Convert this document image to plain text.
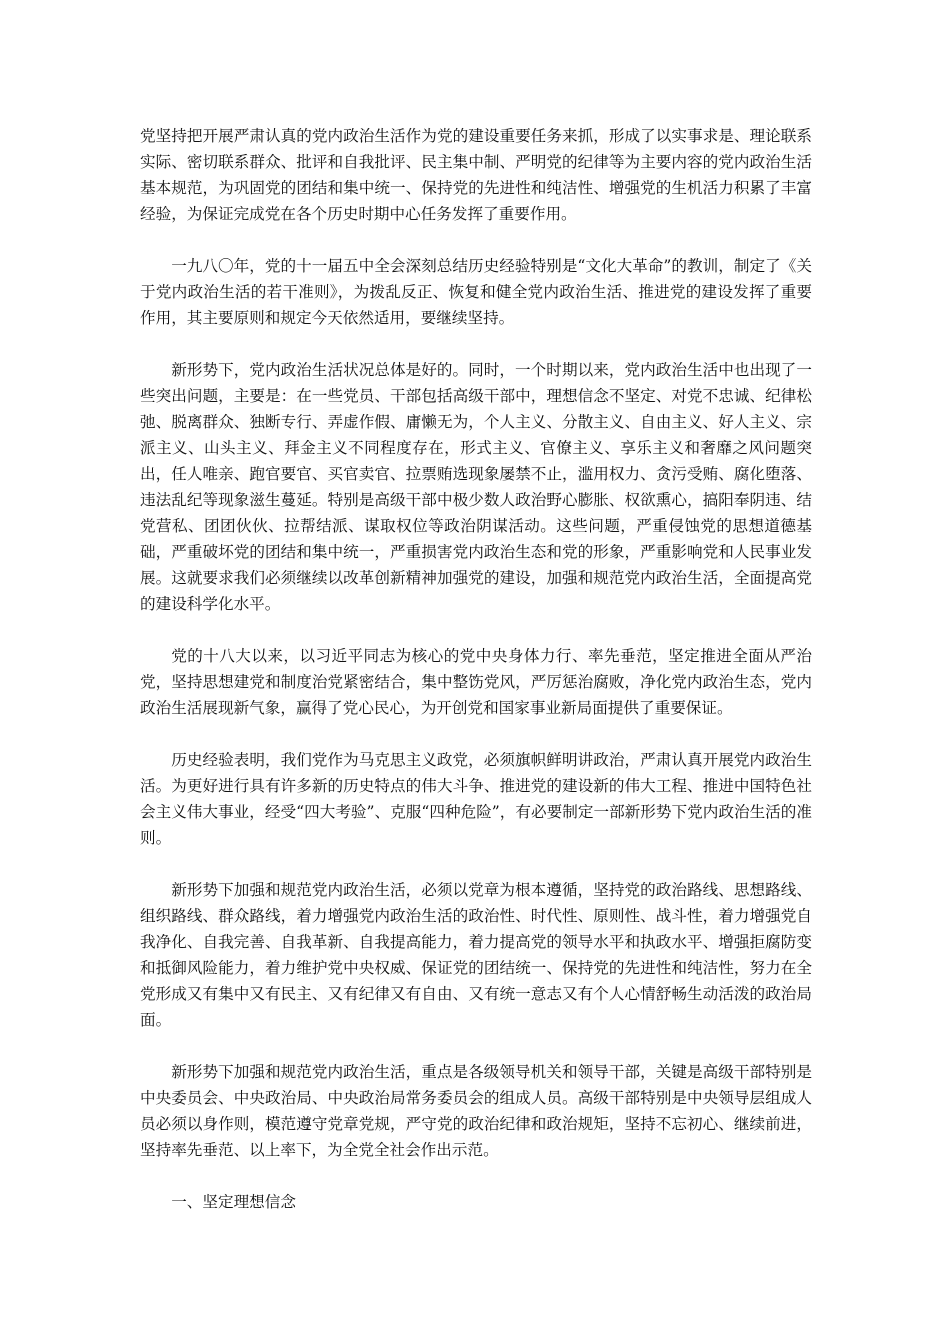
党坚持把开展严肃认真的党内政治生活作为党的建设重要任务来抓，形成了以实事求是、理论联系实际、密切联系群众、批评和自我批评、民主集中制、严明党的纪律等为主要内容的党内政治生活基本规范，为巩固党的团结和集中统一、保持党的先进性和纯洁性、增强党的生机活力积累了丰富经验，为保证完成党在各个历史时期中心任务发挥了重要作用。

一九八〇年，党的十一届五中全会深刻总结历史经验特别是“文化大革命”的教训，制定了《关于党内政治生活的若干准则》，为拨乱反正、恢复和健全党内政治生活、推进党的建设发挥了重要作用，其主要原则和规定今天依然适用，要继续坚持。

新形势下，党内政治生活状况总体是好的。同时，一个时期以来，党内政治生活中也出现了一些突出问题，主要是：在一些党员、干部包括高级干部中，理想信念不坚定、对党不忠诚、纪律松弛、脱离群众、独断专行、弄虚作假、庸懒无为，个人主义、分散主义、自由主义、好人主义、宗派主义、山头主义、拜金主义不同程度存在，形式主义、官僚主义、享乐主义和奢靡之风问题突出，任人唯亲、跑官要官、买官卖官、拉票贿选现象屡禁不止，滥用权力、贪污受贿、腐化堕落、违法乱纪等现象滋生蔓延。特别是高级干部中极少数人政治野心膨胀、权欲熏心，搞阳奉阴违、结党营私、团团伙伙、拉帮结派、谋取权位等政治阴谋活动。这些问题，严重侵蚀党的思想道德基础，严重破坏党的团结和集中统一，严重损害党内政治生态和党的形象，严重影响党和人民事业发展。这就要求我们必须继续以改革创新精神加强党的建设，加强和规范党内政治生活，全面提高党的建设科学化水平。

党的十八大以来，以习近平同志为核心的党中央身体力行、率先垂范，坚定推进全面从严治党，坚持思想建党和制度治党紧密结合，集中整饬党风，严厉惩治腐败，净化党内政治生态，党内政治生活展现新气象，赢得了党心民心，为开创党和国家事业新局面提供了重要保证。

历史经验表明，我们党作为马克思主义政党，必须旗帜鲜明讲政治，严肃认真开展党内政治生活。为更好进行具有许多新的历史特点的伟大斗争、推进党的建设新的伟大工程、推进中国特色社会主义伟大事业，经受“四大考验”、克服“四种危险”，有必要制定一部新形势下党内政治生活的准则。

新形势下加强和规范党内政治生活，必须以党章为根本遵循，坚持党的政治路线、思想路线、组织路线、群众路线，着力增强党内政治生活的政治性、时代性、原则性、战斗性，着力增强党自我净化、自我完善、自我革新、自我提高能力，着力提高党的领导水平和执政水平、增强拒腐防变和抵御风险能力，着力维护党中央权威、保证党的团结统一、保持党的先进性和纯洁性，努力在全党形成又有集中又有民主、又有纪律又有自由、又有统一意志又有个人心情舒畅生动活泼的政治局面。

新形势下加强和规范党内政治生活，重点是各级领导机关和领导干部，关键是高级干部特别是中央委员会、中央政治局、中央政治局常务委员会的组成人员。高级干部特别是中央领导层组成人员必须以身作则，模范遵守党章党规，严守党的政治纪律和政治规矩，坚持不忘初心、继续前进，坚持率先垂范、以上率下，为全党全社会作出示范。

一、坚定理想信念
